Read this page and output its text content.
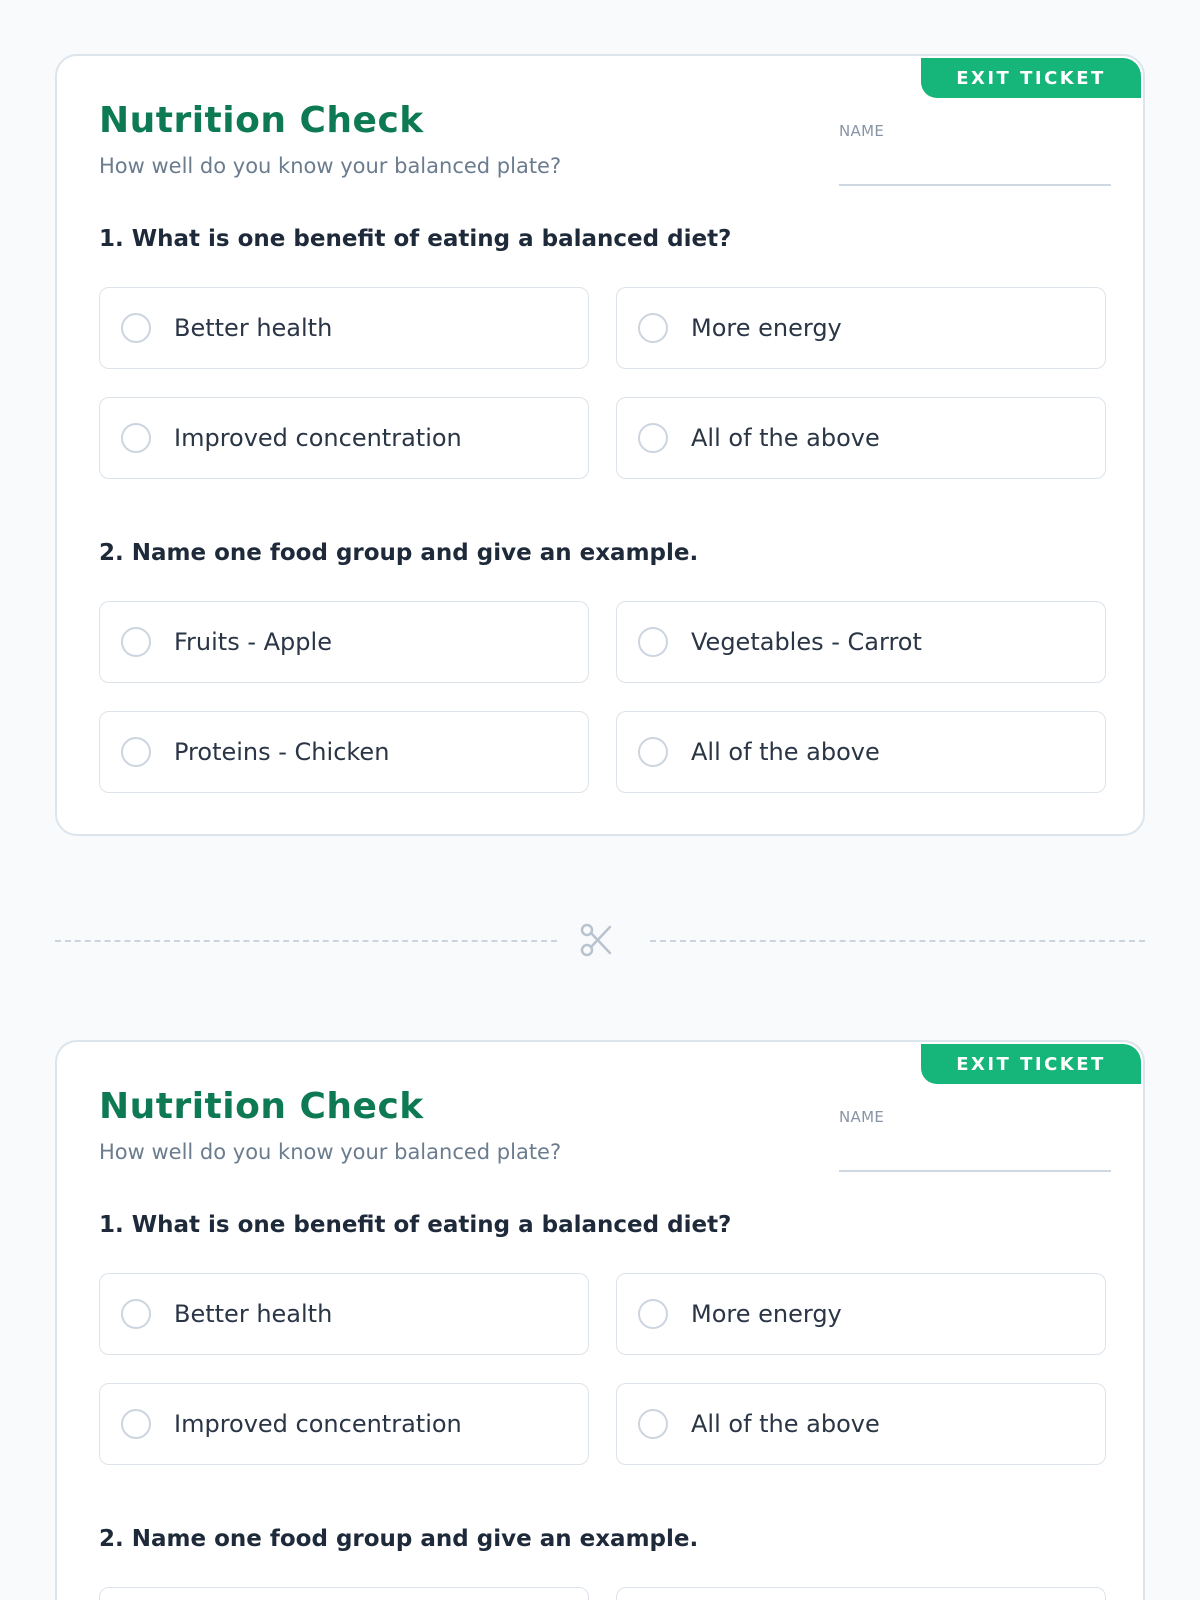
EXIT TICKET
Nutrition Check

How well do you know your balanced plate?

NAME
1. What is one benefit of eating a balanced diet?
Better health	More energy
Improved concentration	All of the above
2. Name one food group and give an example.
Fruits - Apple	Vegetables - Carrot
Proteins - Chicken	All of the above
EXIT TICKET
Nutrition Check

How well do you know your balanced plate?

NAME
1. What is one benefit of eating a balanced diet?
Better health	More energy
Improved concentration	All of the above
2. Name one food group and give an example.
